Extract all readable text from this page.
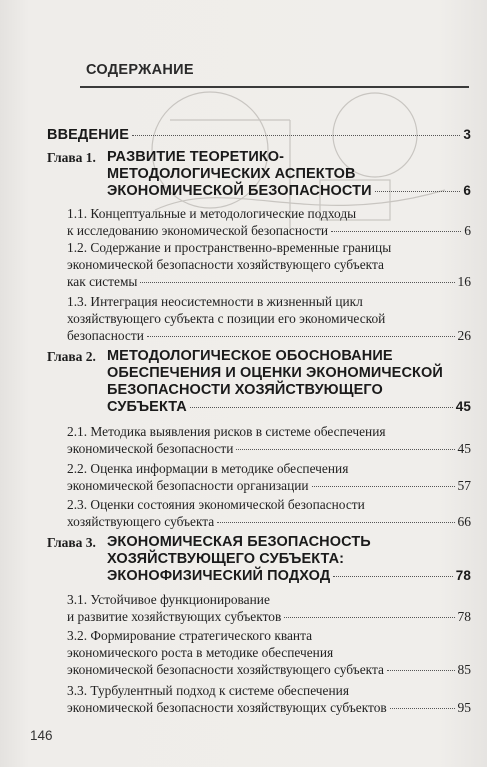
СОДЕРЖАНИЕ
ВВЕДЕНИЕ	3
Глава 1. РАЗВИТИЕ ТЕОРЕТИКО-
МЕТОДОЛОГИЧЕСКИХ АСПЕКТОВ
ЭКОНОМИЧЕСКОЙ БЕЗОПАСНОСТИ	6
1.1. Концептуальные и методологические подходы
к исследованию экономической безопасности	6
1.2. Содержание и пространственно-временные границы
экономической безопасности хозяйствующего субъекта
как системы	16
1.3. Интеграция неосистемности в жизненный цикл
хозяйствующего субъекта с позиции его экономической
безопасности	26
Глава 2. МЕТОДОЛОГИЧЕСКОЕ ОБОСНОВАНИЕ
ОБЕСПЕЧЕНИЯ И ОЦЕНКИ ЭКОНОМИЧЕСКОЙ
БЕЗОПАСНОСТИ ХОЗЯЙСТВУЮЩЕГО
СУБЪЕКТА	45
2.1. Методика выявления рисков в системе обеспечения
экономической безопасности	45
2.2. Оценка информации в методике обеспечения
экономической безопасности организации	57
2.3. Оценки состояния экономической безопасности
хозяйствующего субъекта	66
Глава 3. ЭКОНОМИЧЕСКАЯ БЕЗОПАСНОСТЬ
ХОЗЯЙСТВУЮЩЕГО СУБЪЕКТА:
ЭКОНОФИЗИЧЕСКИЙ ПОДХОД	78
3.1. Устойчивое функционирование
и развитие хозяйствующих субъектов	78
3.2. Формирование стратегического кванта
экономического роста в методике обеспечения
экономической безопасности хозяйствующего субъекта	85
3.3. Турбулентный подход к системе обеспечения
экономической безопасности хозяйствующих субъектов	95
146
